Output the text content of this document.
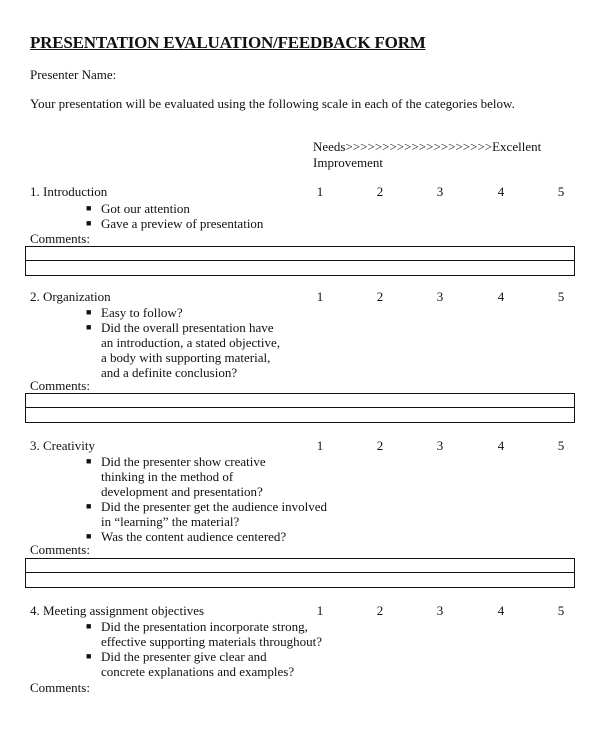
PRESENTATION EVALUATION/FEEDBACK FORM
Presenter Name:
Your presentation will be evaluated using the following scale in each of the categories below.
Needs>>>>>>>>>>>>>>>>>>>>Excellent
Improvement
1. Introduction	1	2	3	4	5
■ Got our attention
■ Gave a preview of presentation
Comments:
2. Organization	1	2	3	4	5
■ Easy to follow?
■ Did the overall presentation have
an introduction, a stated objective,
a body with supporting material,
and a definite conclusion?
Comments:
3. Creativity	1	2	3	4	5
■ Did the presenter show creative
thinking in the method of
development and presentation?
■ Did the presenter get the audience involved
in “learning” the material?
■ Was the content audience centered?
Comments:
4. Meeting assignment objectives	1	2	3	4	5
■ Did the presentation incorporate strong,
effective supporting materials throughout?
■ Did the presenter give clear and
concrete explanations and examples?
Comments:
